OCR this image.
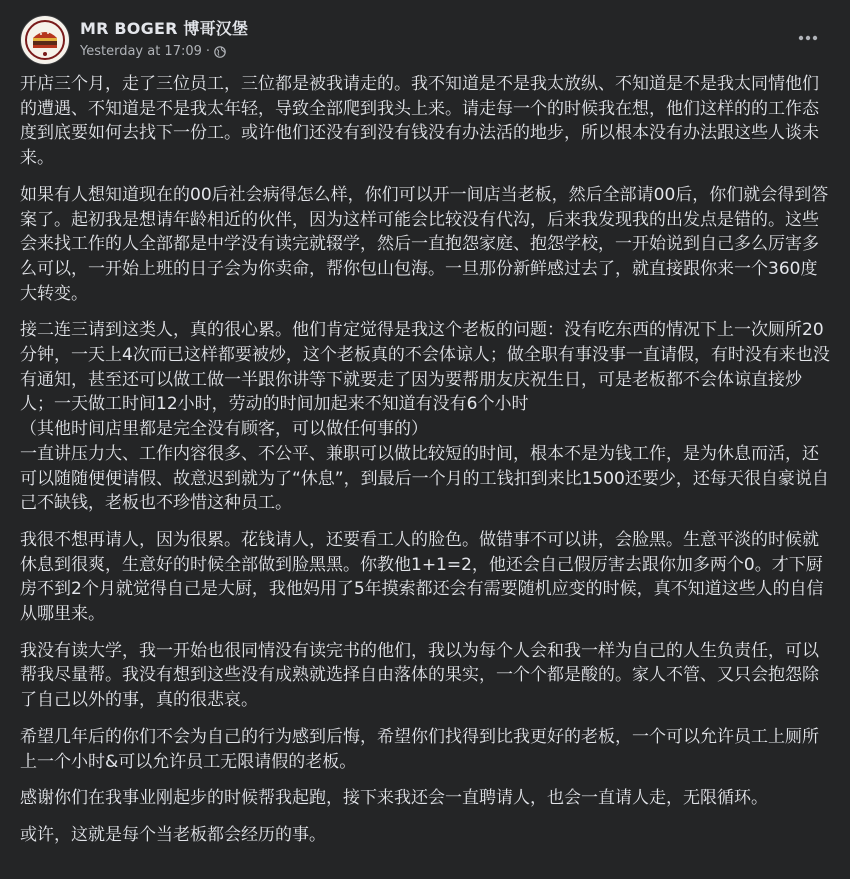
MR BOGER 博哥汉堡
Yesterday at 17:09 ·

开店三个月，走了三位员工，三位都是被我请走的。我不知道是不是我太放纵、不知道是不是我太同情他们的遭遇、不知道是不是我太年轻，导致全部爬到我头上来。请走每一个的时候我在想，他们这样的的工作态度到底要如何去找下一份工。或许他们还没有到没有钱没有办法活的地步，所以根本没有办法跟这些人谈未来。

如果有人想知道现在的00后社会病得怎么样，你们可以开一间店当老板，然后全部请00后，你们就会得到答案了。起初我是想请年龄相近的伙伴，因为这样可能会比较没有代沟，后来我发现我的出发点是错的。这些会来找工作的人全部都是中学没有读完就辍学，然后一直抱怨家庭、抱怨学校，一开始说到自己多么厉害多么可以，一开始上班的日子会为你卖命，帮你包山包海。一旦那份新鲜感过去了，就直接跟你来一个360度大转变。

接二连三请到这类人，真的很心累。他们肯定觉得是我这个老板的问题：没有吃东西的情况下上一次厕所20分钟，一天上4次而已这样都要被炒，这个老板真的不会体谅人；做全职有事没事一直请假，有时没有来也没有通知，甚至还可以做工做一半跟你讲等下就要走了因为要帮朋友庆祝生日，可是老板都不会体谅直接炒人；一天做工时间12小时，劳动的时间加起来不知道有没有6个小时
（其他时间店里都是完全没有顾客，可以做任何事的）
一直讲压力大、工作内容很多、不公平、兼职可以做比较短的时间，根本不是为钱工作，是为休息而活，还可以随随便便请假、故意迟到就为了“休息”，到最后一个月的工钱扣到来比1500还要少，还每天很自豪说自己不缺钱，老板也不珍惜这种员工。

我很不想再请人，因为很累。花钱请人，还要看工人的脸色。做错事不可以讲，会脸黑。生意平淡的时候就休息到很爽，生意好的时候全部做到脸黑黑。你教他1+1=2，他还会自己假厉害去跟你加多两个0。才下厨房不到2个月就觉得自己是大厨，我他妈用了5年摸索都还会有需要随机应变的时候，真不知道这些人的自信从哪里来。

我没有读大学，我一开始也很同情没有读完书的他们，我以为每个人会和我一样为自己的人生负责任，可以帮我尽量帮。我没有想到这些没有成熟就选择自由落体的果实，一个个都是酸的。家人不管、又只会抱怨除了自己以外的事，真的很悲哀。

希望几年后的你们不会为自己的行为感到后悔，希望你们找得到比我更好的老板，一个可以允许员工上厕所上一个小时&可以允许员工无限请假的老板。

感谢你们在我事业刚起步的时候帮我起跑，接下来我还会一直聘请人，也会一直请人走，无限循环。

或许，这就是每个当老板都会经历的事。
